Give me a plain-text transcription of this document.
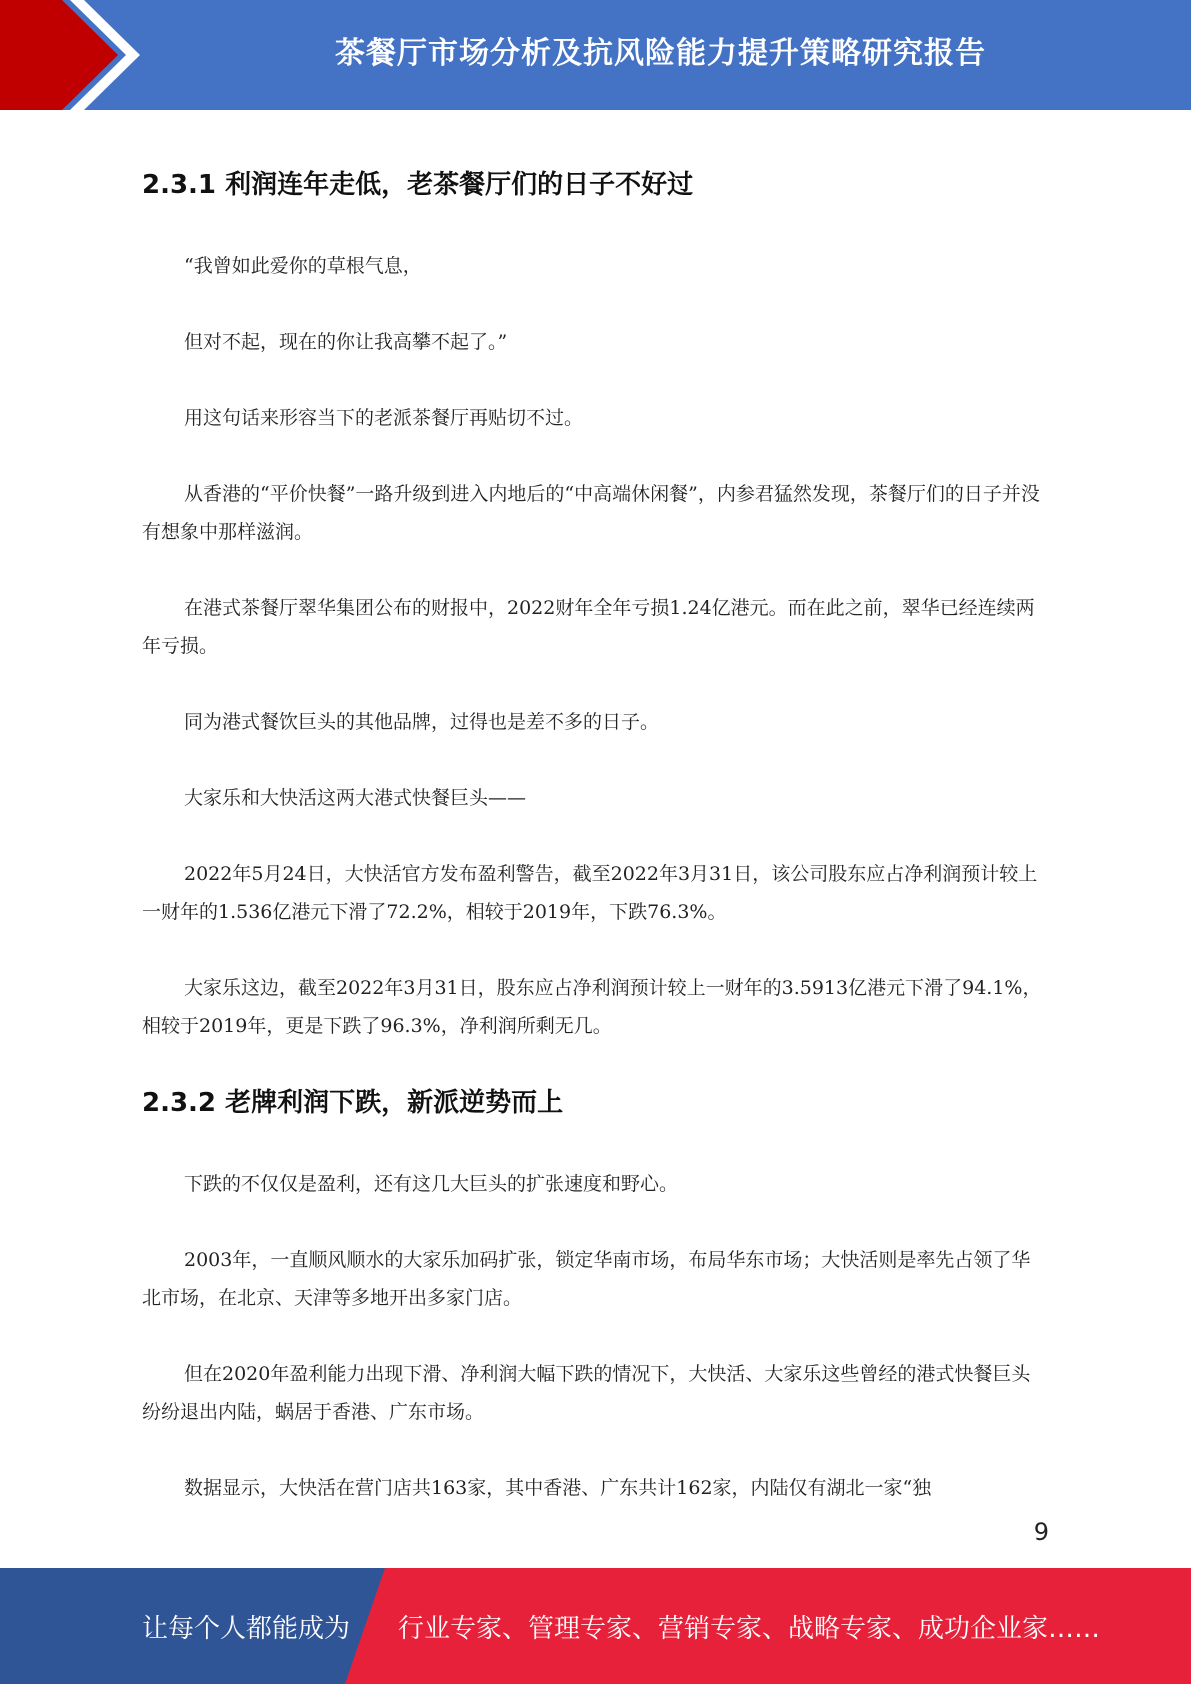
茶餐厅市场分析及抗风险能力提升策略研究报告
2.3.1 利润连年走低，老茶餐厅们的日子不好过

“我曾如此爱你的草根气息，

但对不起，现在的你让我高攀不起了。”

用这句话来形容当下的老派茶餐厅再贴切不过。

从香港的“平价快餐”一路升级到进入内地后的“中高端休闲餐”，内参君猛然发现，茶餐厅们的日子并没有想象中那样滋润。

在港式茶餐厅翠华集团公布的财报中，2022财年全年亏损1.24亿港元。而在此之前，翠华已经连续两年亏损。

同为港式餐饮巨头的其他品牌，过得也是差不多的日子。

大家乐和大快活这两大港式快餐巨头——

2022年5月24日，大快活官方发布盈利警告，截至2022年3月31日，该公司股东应占净利润预计较上一财年的1.536亿港元下滑了72.2%，相较于2019年，下跌76.3%。

大家乐这边，截至2022年3月31日，股东应占净利润预计较上一财年的3.5913亿港元下滑了94.1%，相较于2019年，更是下跌了96.3%，净利润所剩无几。

2.3.2 老牌利润下跌，新派逆势而上

下跌的不仅仅是盈利，还有这几大巨头的扩张速度和野心。

2003年，一直顺风顺水的大家乐加码扩张，锁定华南市场，布局华东市场；大快活则是率先占领了华北市场，在北京、天津等多地开出多家门店。

但在2020年盈利能力出现下滑、净利润大幅下跌的情况下，大快活、大家乐这些曾经的港式快餐巨头纷纷退出内陆，蜗居于香港、广东市场。

数据显示，大快活在营门店共163家，其中香港、广东共计162家，内陆仅有湖北一家“独

9
让每个人都能成为 行业专家、管理专家、营销专家、战略专家、成功企业家……
